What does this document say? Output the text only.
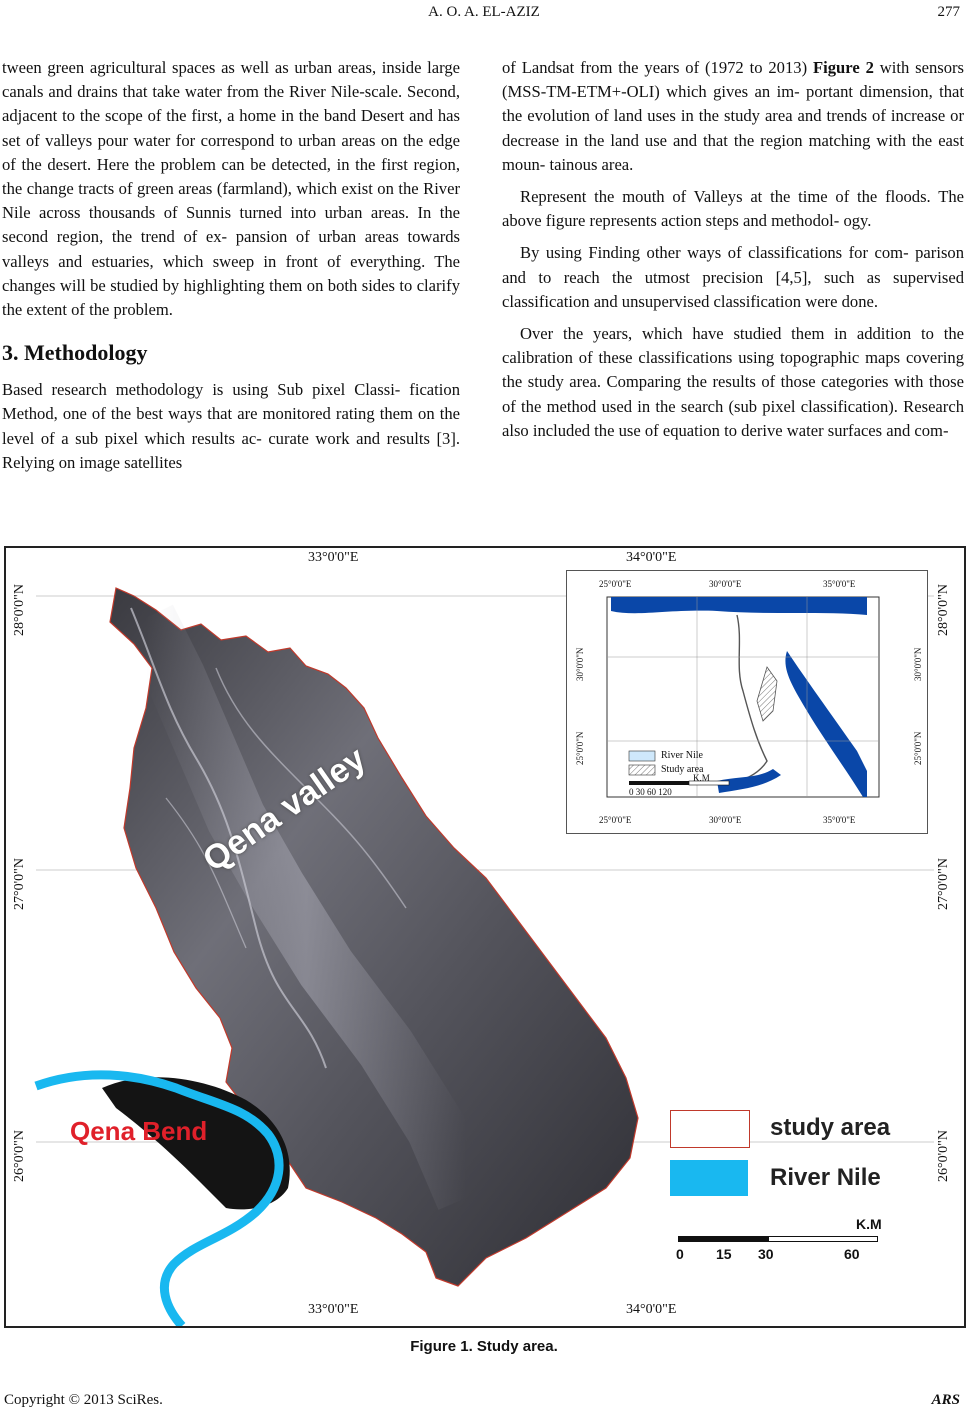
A. O. A. EL-AZIZ	277

tween green agricultural spaces as well as urban areas, inside large canals and drains that take water from the River Nile-scale. Second, adjacent to the scope of the first, a home in the band Desert and has set of valleys pour water for correspond to urban areas on the edge of the desert. Here the problem can be detected, in the first region, the change tracts of green areas (farmland), which exist on the River Nile across thousands of Sunnis turned into urban areas. In the second region, the trend of ex- pansion of urban areas towards valleys and estuaries, which sweep in front of everything. The changes will be studied by highlighting them on both sides to clarify the extent of the problem.

3. Methodology

Based research methodology is using Sub pixel Classi- fication Method, one of the best ways that are monitored rating them on the level of a sub pixel which results ac- curate work and results [3]. Relying on image satellites

of Landsat from the years of (1972 to 2013) Figure 2 with sensors (MSS-TM-ETM+-OLI) which gives an im- portant dimension, that the evolution of land uses in the study area and trends of increase or decrease in the land use and that the region matching with the east moun- tainous area.

Represent the mouth of Valleys at the time of the floods. The above figure represents action steps and methodol- ogy.

By using Finding other ways of classifications for com- parison and to reach the utmost precision [4,5], such as supervised classification and unsupervised classification were done.

Over the years, which have studied them in addition to the calibration of these classifications using topographic maps covering the study area. Comparing the results of those categories with those of the method used in the search (sub pixel classification). Research also included the use of equation to derive water surfaces and com-

33°0'0"E	34°0'0"E
33°0'0"E	34°0'0"E
28°0'0"N
27°0'0"N
26°0'0"N
28°0'0"N
27°0'0"N
26°0'0"N
Qena valley
Qena Bend
25°0'0"E	30°0'0"E	35°0'0"E
25°0'0"E	30°0'0"E	35°0'0"E
30°0'0"N
25°0'0"N
30°0'0"N
25°0'0"N
River Nile
Study area
0 30 60 120
K.M
study area
River Nile
K.M
0 15 30	60
Figure 1. Study area.
Copyright © 2013 SciRes.	ARS
